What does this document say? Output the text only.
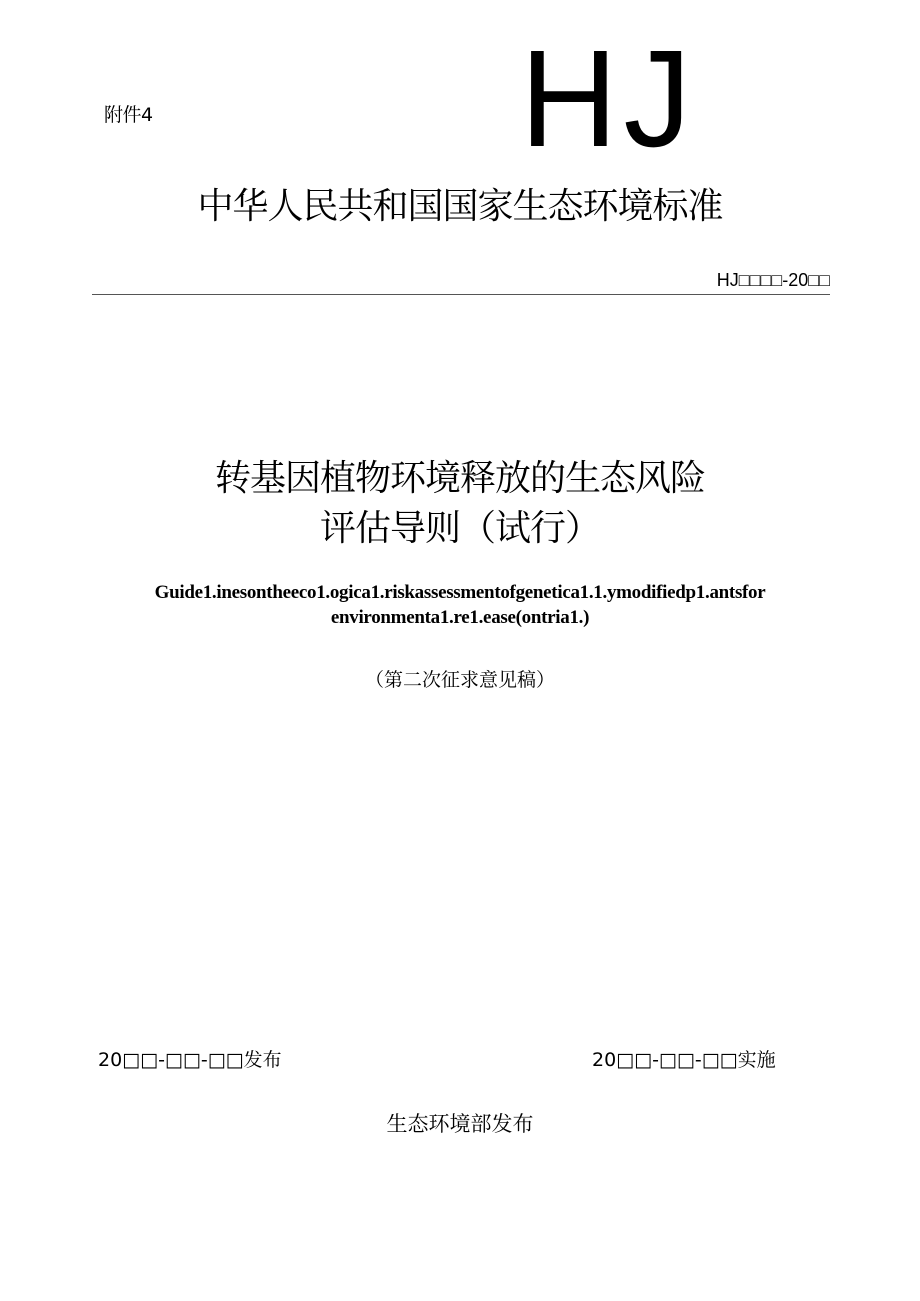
附件4	HJ
中华人民共和国国家生态环境标准
HJ□□□□-20□□
转基因植物环境释放的生态风险
评估导则（试行）
Guide1.inesontheeco1.ogica1.riskassessmentofgenetica1.1.ymodifiedp1.antsfor
environmenta1.re1.ease(ontria1.)
（第二次征求意见稿）
20□□-□□-□□发布	20□□-□□-□□实施
生态环境部发布
